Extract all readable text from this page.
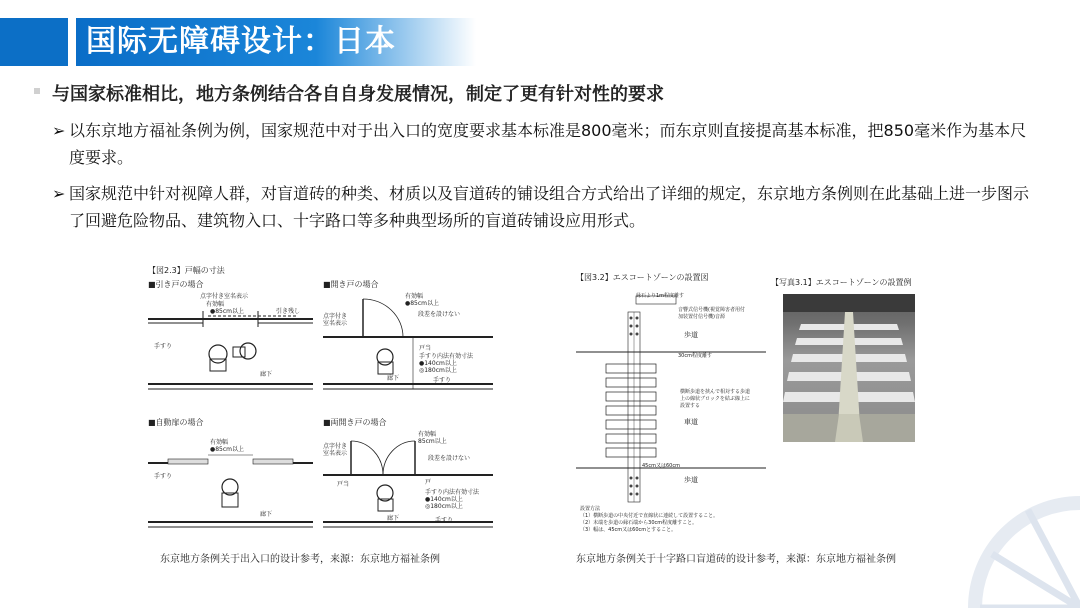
国际无障碍设计：日本
与国家标准相比，地方条例结合各自自身发展情况，制定了更有针对性的要求
➢ 以东京地方福祉条例为例，国家规范中对于出入口的宽度要求基本标准是800毫米；而东京则直接提高基本标准，把850毫米作为基本尺度要求。
➢ 国家规范中针对视障人群，对盲道砖的种类、材质以及盲道砖的铺设组合方式给出了详细的规定，东京地方条例则在此基础上进一步图示了回避危险物品、建筑物入口、十字路口等多种典型场所的盲道砖铺设应用形式。
【図2.3】戸幅の寸法
■引き戸の場合
点字付き室名表示
有効幅
●85cm以上	引き残し
手すり
廊下
■開き戸の場合
有効幅
●85cm以上
点字付き
室名表示
段差を設けない
戸当
手すり内法有効寸法
●140cm以上
◎180cm以上
廊下	手すり
■自動扉の場合
有効幅
●85cm以上
手すり
廊下
■両開き戸の場合
有効幅
85cm以上
点字付き
室名表示
段差を設けない
戸当	戸
手すり内法有効寸法
●140cm以上
◎180cm以上
廊下	手すり
东京地方条例关于出入口的设计参考，来源：东京地方福祉条例
【図3.2】エスコートゾーンの設置図
縁石より1m程度離す
音響式信号機(視覚障害者用付加装置付信号機)音源
歩道
30cm程度離す
横断歩道を挟んで相対する歩道上の線状ブロックを結ぶ線上に設置する
車道
45cm又は60cm
歩道
設置方法
（1）横断歩道の中央付近で直線状に連続して設置すること。
（2）末端を歩道の縁石端から30cm程度離すこと。
（3）幅は、45cm又は60cmとすること。
【写真3.1】エスコートゾーンの設置例
东京地方条例关于十字路口盲道砖的设计参考，来源：东京地方福祉条例
